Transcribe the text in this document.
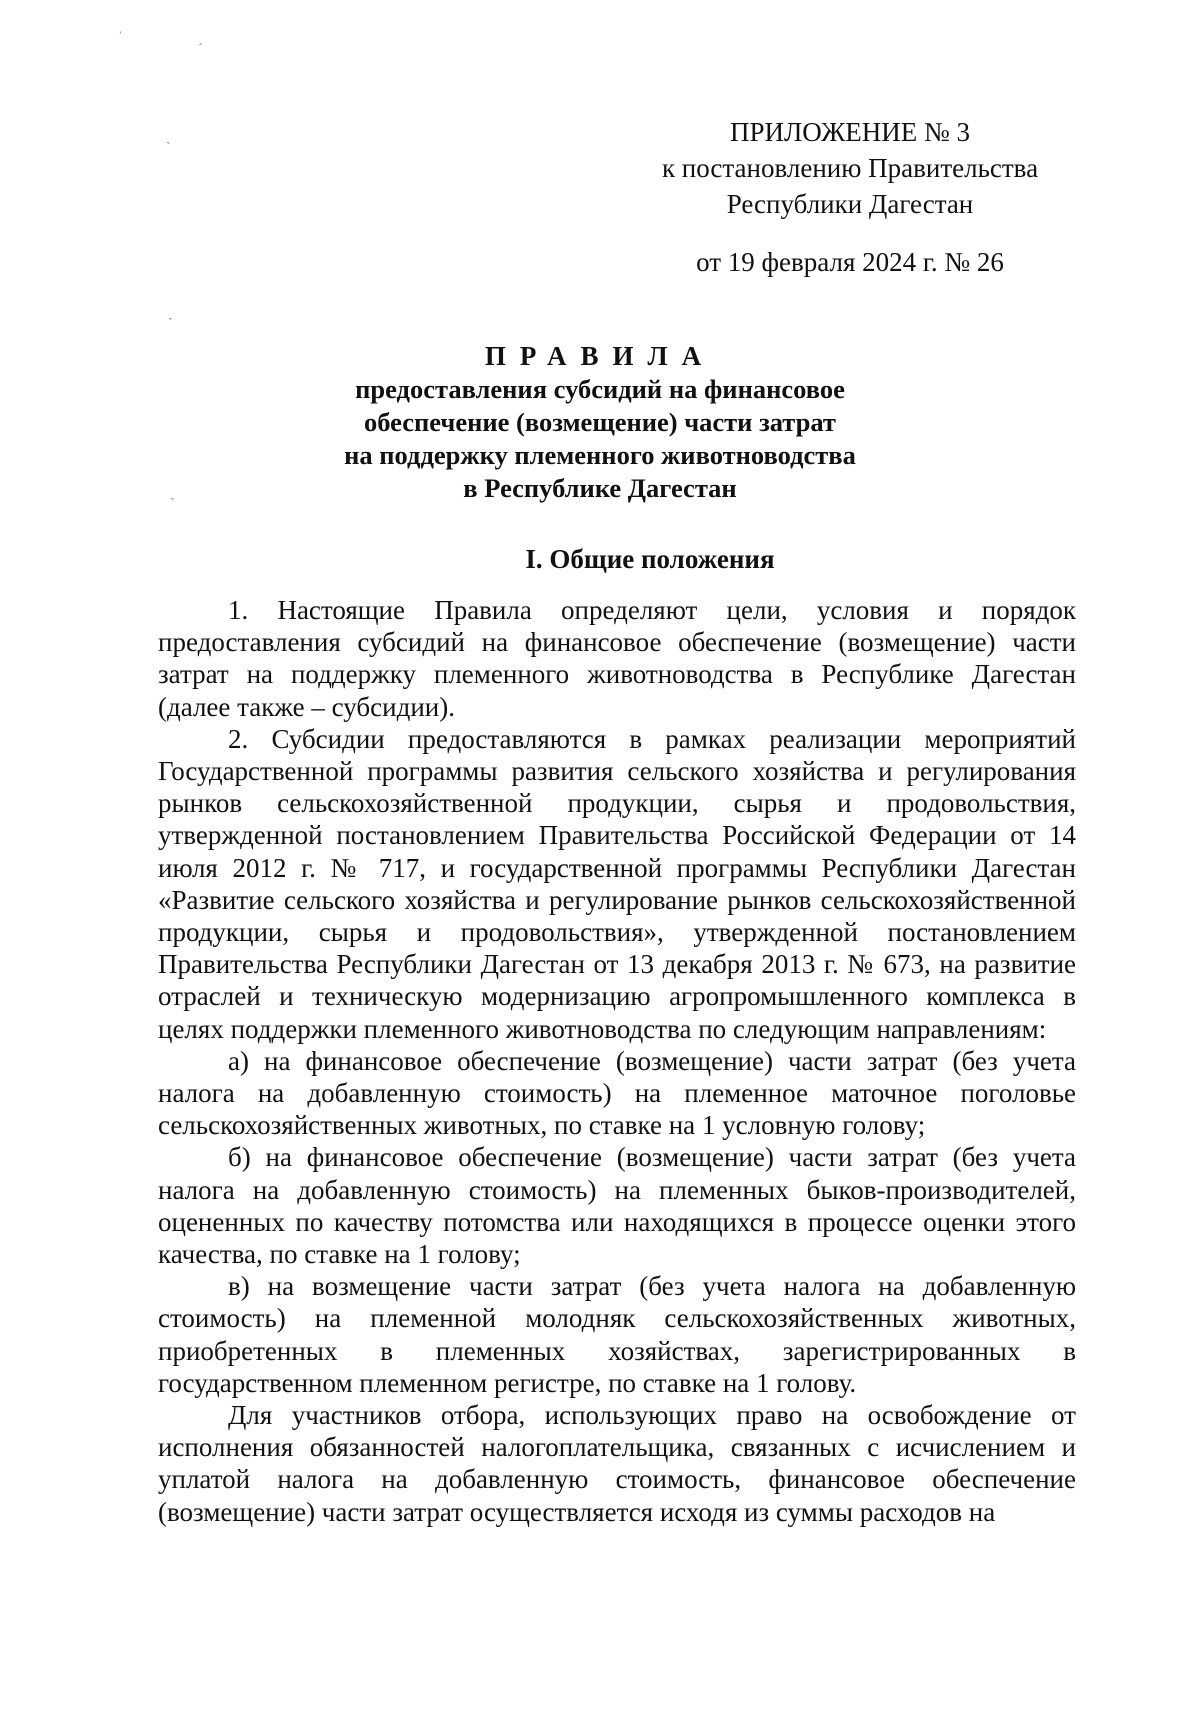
ˈ
ˊ
ˏ
ˏ
ˏ
ПРИЛОЖЕНИЕ № 3
к постановлению Правительства
Республики Дагестан
от 19 февраля 2024 г. № 26
ПРАВИЛА
предоставления субсидий на финансовое
обеспечение (возмещение) части затрат
на поддержку племенного животноводства
в Республике Дагестан
I. Общие положения

1. Настоящие Правила определяют цели, условия и порядок предоставления субсидий на финансовое обеспечение (возмещение) части затрат на поддержку племенного животноводства в Республике Дагестан (далее также – субсидии).

2. Субсидии предоставляются в рамках реализации мероприятий Государственной программы развития сельского хозяйства и регулирования рынков сельскохозяйственной продукции, сырья и продовольствия, утвержденной постановлением Правительства Российской Федерации от 14 июля 2012 г. № 717, и государственной программы Республики Дагестан «Развитие сельского хозяйства и регулирование рынков сельскохозяйственной продукции, сырья и продовольствия», утвержденной постановлением Правительства Республики Дагестан от 13 декабря 2013 г. № 673, на развитие отраслей и техническую модернизацию агропромышленного комплекса в целях поддержки племенного животноводства по следующим направлениям:

а) на финансовое обеспечение (возмещение) части затрат (без учета налога на добавленную стоимость) на племенное маточное поголовье сельскохозяйственных животных, по ставке на 1 условную голову;

б) на финансовое обеспечение (возмещение) части затрат (без учета налога на добавленную стоимость) на племенных быков-производителей, оцененных по качеству потомства или находящихся в процессе оценки этого качества, по ставке на 1 голову;

в) на возмещение части затрат (без учета налога на добавленную стоимость) на племенной молодняк сельскохозяйственных животных, приобретенных в племенных хозяйствах, зарегистрированных в государственном племенном регистре, по ставке на 1 голову.

Для участников отбора, использующих право на освобождение от исполнения обязанностей налогоплательщика, связанных с исчислением и уплатой налога на добавленную стоимость, финансовое обеспечение (возмещение) части затрат осуществляется исходя из суммы расходов на
